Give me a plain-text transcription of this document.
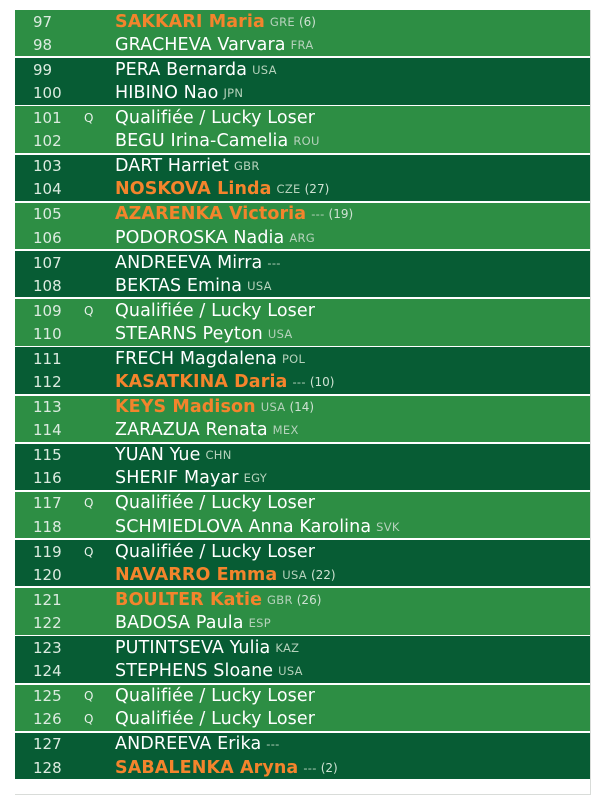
97	SAKKARI Maria GRE (6)
98	GRACHEVA Varvara FRA
99	PERA Bernarda USA
100	HIBINO Nao JPN
101	Q	Qualifiée / Lucky Loser
102	BEGU Irina-Camelia ROU
103	DART Harriet GBR
104	NOSKOVA Linda CZE (27)
105	AZARENKA Victoria --- (19)
106	PODOROSKA Nadia ARG
107	ANDREEVA Mirra ---
108	BEKTAS Emina USA
109	Q	Qualifiée / Lucky Loser
110	STEARNS Peyton USA
111	FRECH Magdalena POL
112	KASATKINA Daria --- (10)
113	KEYS Madison USA (14)
114	ZARAZUA Renata MEX
115	YUAN Yue CHN
116	SHERIF Mayar EGY
117	Q	Qualifiée / Lucky Loser
118	SCHMIEDLOVA Anna Karolina SVK
119	Q	Qualifiée / Lucky Loser
120	NAVARRO Emma USA (22)
121	BOULTER Katie GBR (26)
122	BADOSA Paula ESP
123	PUTINTSEVA Yulia KAZ
124	STEPHENS Sloane USA
125	Q	Qualifiée / Lucky Loser
126	Q	Qualifiée / Lucky Loser
127	ANDREEVA Erika ---
128	SABALENKA Aryna --- (2)
